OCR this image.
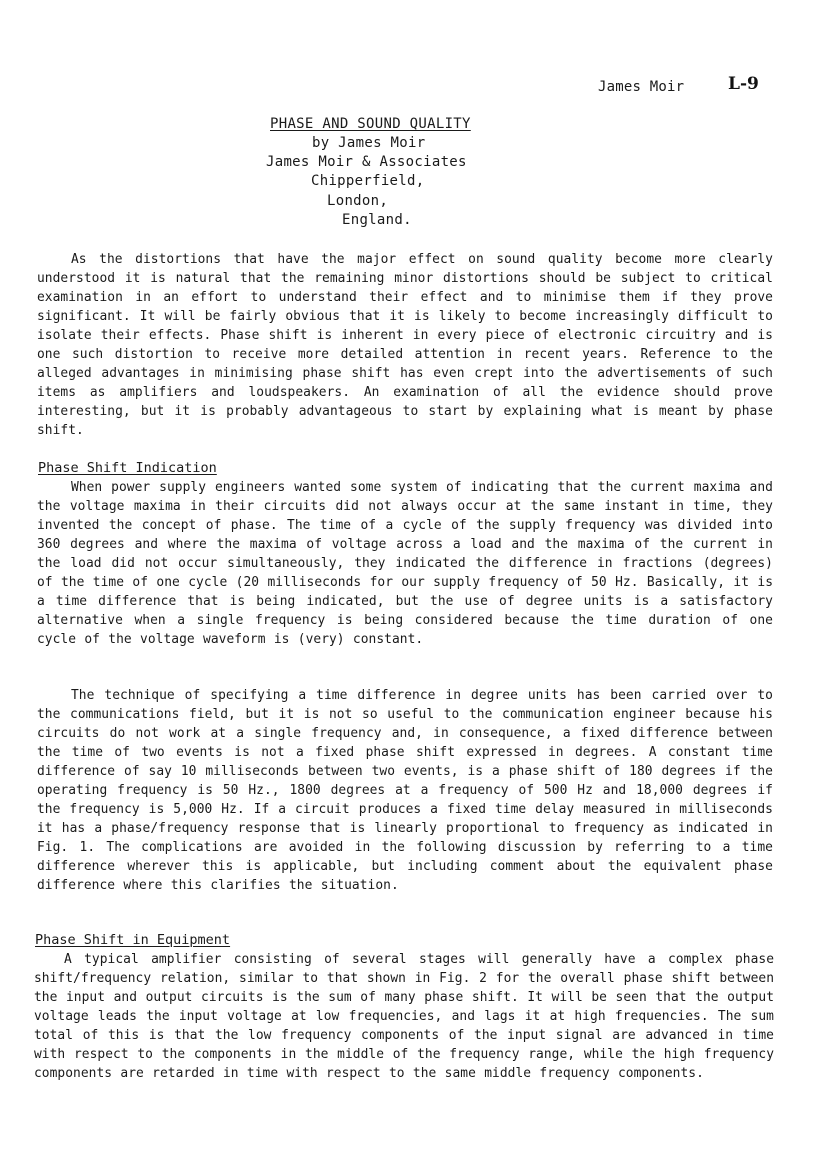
James Moir	L-9
PHASE AND SOUND QUALITY
by James Moir
James Moir & Associates
Chipperfield,
London,
England.

As the distortions that have the major effect on sound quality become more clearly understood it is natural that the remaining minor distortions should be subject to critical examination in an effort to understand their effect and to minimise them if they prove significant. It will be fairly obvious that it is likely to become increasingly difficult to isolate their effects. Phase shift is inherent in every piece of electronic circuitry and is one such distortion to receive more detailed attention in recent years. Reference to the alleged advantages in minimising phase shift has even crept into the advertisements of such items as amplifiers and loudspeakers. An examination of all the evidence should prove interesting, but it is probably advantageous to start by explaining what is meant by phase shift.

Phase Shift Indication

When power supply engineers wanted some system of indicating that the current maxima and the voltage maxima in their circuits did not always occur at the same instant in time, they invented the concept of phase. The time of a cycle of the supply frequency was divided into 360 degrees and where the maxima of voltage across a load and the maxima of the current in the load did not occur simultaneously, they indicated the difference in fractions (degrees) of the time of one cycle (20 milliseconds for our supply frequency of 50 Hz. Basically, it is a time difference that is being indicated, but the use of degree units is a satisfactory alternative when a single frequency is being considered because the time duration of one cycle of the voltage waveform is (very) constant.

The technique of specifying a time difference in degree units has been carried over to the communications field, but it is not so useful to the communication engineer because his circuits do not work at a single frequency and, in consequence, a fixed difference between the time of two events is not a fixed phase shift expressed in degrees. A constant time difference of say 10 milliseconds between two events, is a phase shift of 180 degrees if the operating frequency is 50 Hz., 1800 degrees at a frequency of 500 Hz and 18,000 degrees if the frequency is 5,000 Hz. If a circuit produces a fixed time delay measured in milliseconds it has a phase/frequency response that is linearly proportional to frequency as indicated in Fig. 1. The complications are avoided in the following discussion by referring to a time difference wherever this is applicable, but including comment about the equivalent phase difference where this clarifies the situation.

Phase Shift in Equipment

A typical amplifier consisting of several stages will generally have a complex phase shift/frequency relation, similar to that shown in Fig. 2 for the overall phase shift between the input and output circuits is the sum of many phase shift. It will be seen that the output voltage leads the input voltage at low frequencies, and lags it at high frequencies. The sum total of this is that the low frequency components of the input signal are advanced in time with respect to the components in the middle of the frequency range, while the high frequency components are retarded in time with respect to the same middle frequency components.
